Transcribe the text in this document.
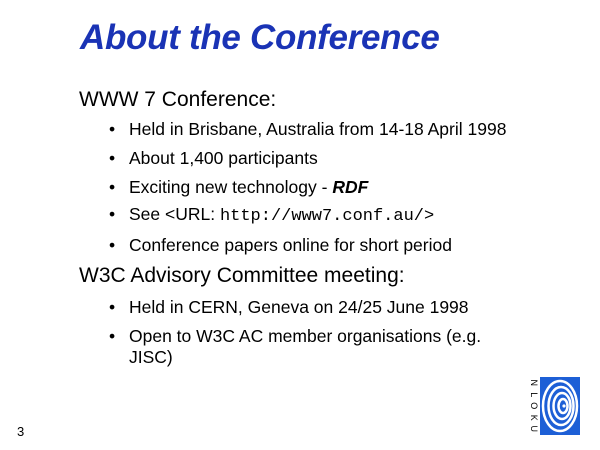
About the Conference
WWW 7 Conference:
• Held in Brisbane, Australia from 14-18 April 1998
• About 1,400 participants
• Exciting new technology - RDF
• See <URL: http://www7.conf.au/>
• Conference papers online for short period
W3C Advisory Committee meeting:
• Held in CERN, Geneva on 24/25 June 1998
• Open to W3C AC member organisations (e.g.
JISC)
3
N
L
O
K
U
